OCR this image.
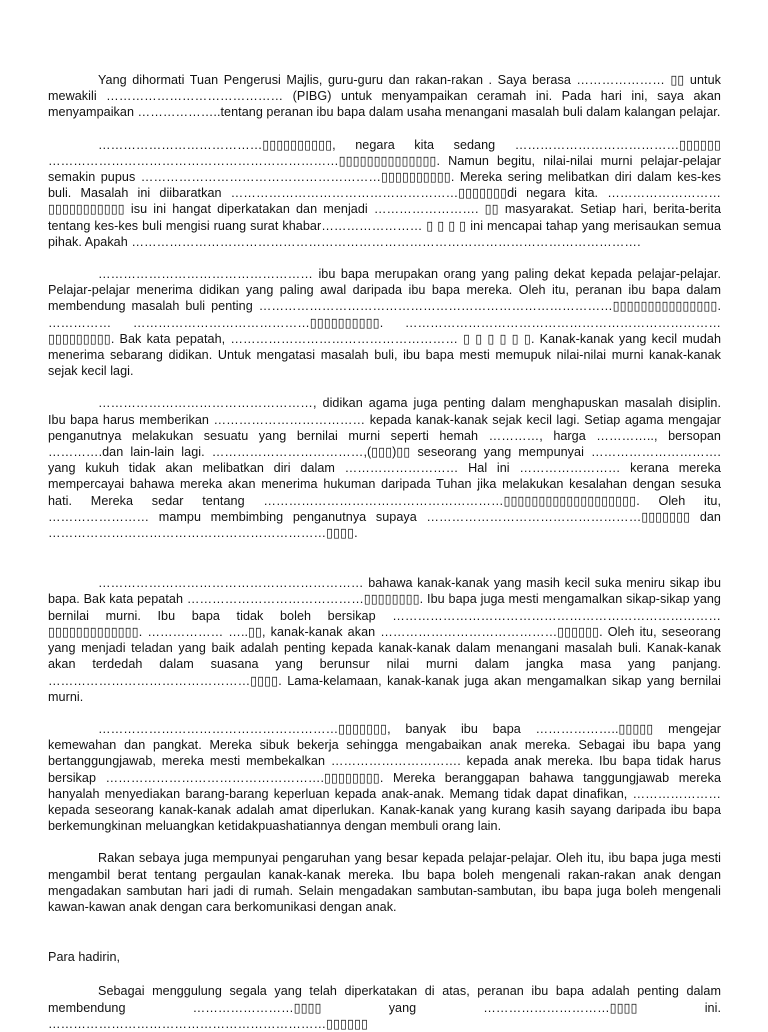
Yang dihormati Tuan Pengerusi Majlis, guru-guru dan rakan-rakan . Saya berasa ………………… ▯▯ untuk mewakili …………………………………… (PIBG) untuk menyampaikan ceramah ini. Pada hari ini, saya akan menyampaikan ………………..tentang peranan ibu bapa dalam usaha menangani masalah buli dalam kalangan pelajar.

…………………………………▯▯▯▯▯▯▯▯▯▯, negara kita sedang …………………………………▯▯▯▯▯▯ ……………………………………………………………▯▯▯▯▯▯▯▯▯▯▯▯▯▯. Namun begitu, nilai-nilai murni pelajar-pelajar semakin pupus …………………………………………………▯▯▯▯▯▯▯▯▯▯. Mereka sering melibatkan diri dalam kes-kes buli. Masalah ini diibaratkan ………………………………………………▯▯▯▯▯▯▯di negara kita. ………………………▯▯▯▯▯▯▯▯▯▯▯ isu ini hangat diperkatakan dan menjadi ……………………. ▯▯ masyarakat. Setiap hari, berita-berita tentang kes-kes buli mengisi ruang surat khabar…………………… ▯ ▯ ▯ ▯ ini mencapai tahap yang merisaukan semua pihak. Apakah ………………………………………………………………………………………………………….

…………………………………………… ibu bapa merupakan orang yang paling dekat kepada pelajar-pelajar. Pelajar-pelajar menerima didikan yang paling awal daripada ibu bapa mereka. Oleh itu, peranan ibu bapa dalam membendung masalah buli penting …………………………………………………………………………▯▯▯▯▯▯▯▯▯▯▯▯▯▯▯. …………… ……………………………………▯▯▯▯▯▯▯▯▯▯. …………………………………………………………………▯▯▯▯▯▯▯▯▯. Bak kata pepatah, ……………………………………………… ▯ ▯ ▯ ▯ ▯ ▯. Kanak-kanak yang kecil mudah menerima sebarang didikan. Untuk mengatasi masalah buli, ibu bapa mesti memupuk nilai-nilai murni kanak-kanak sejak kecil lagi.

……………………………………………, didikan agama juga penting dalam menghapuskan masalah disiplin. Ibu bapa harus memberikan ……………………………… kepada kanak-kanak sejak kecil lagi. Setiap agama mengajar penganutnya melakukan sesuatu yang bernilai murni seperti hemah …………, harga ………….., bersopan ………….dan lain-lain lagi. ………………………………,(▯▯▯)▯▯ seseorang yang mempunyai …………………………. yang kukuh tidak akan melibatkan diri dalam ……………………… Hal ini …………………… kerana mereka mempercayai bahawa mereka akan menerima hukuman daripada Tuhan jika melakukan kesalahan dengan sesuka hati. Mereka sedar tentang …………………………………………………▯▯▯▯▯▯▯▯▯▯▯▯▯▯▯▯▯▯▯. Oleh itu, …………………… mampu membimbing penganutnya supaya ……………………………………………▯▯▯▯▯▯▯ dan …………………………………………………………▯▯▯▯.

……………………………………………………… bahawa kanak-kanak yang masih kecil suka meniru sikap ibu bapa. Bak kata pepatah ……………………………………▯▯▯▯▯▯▯▯. Ibu bapa juga mesti mengamalkan sikap-sikap yang bernilai murni. Ibu bapa tidak boleh bersikap ……………………………………………………………………▯▯▯▯▯▯▯▯▯▯▯▯▯. ……………… …..▯▯, kanak-kanak akan ……………………………………▯▯▯▯▯▯. Oleh itu, seseorang yang menjadi teladan yang baik adalah penting kepada kanak-kanak dalam menangani masalah buli. Kanak-kanak akan terdedah dalam suasana yang berunsur nilai murni dalam jangka masa yang panjang. …………………………………………▯▯▯▯. Lama-kelamaan, kanak-kanak juga akan mengamalkan sikap yang bernilai murni.

…………………………………………………▯▯▯▯▯▯▯, banyak ibu bapa ………………..▯▯▯▯▯ mengejar kemewahan dan pangkat. Mereka sibuk bekerja sehingga mengabaikan anak mereka. Sebagai ibu bapa yang bertanggungjawab, mereka mesti membekalkan …………………………. kepada anak mereka. Ibu bapa tidak harus bersikap …………………………………………….▯▯▯▯▯▯▯▯. Mereka beranggapan bahawa tanggungjawab mereka hanyalah menyediakan barang-barang keperluan kepada anak-anak. Memang tidak dapat dinafikan, ………………… kepada seseorang kanak-kanak adalah amat diperlukan. Kanak-kanak yang kurang kasih sayang daripada ibu bapa berkemungkinan meluangkan ketidakpuashatiannya dengan membuli orang lain.

Rakan sebaya juga mempunyai pengaruhan yang besar kepada pelajar-pelajar. Oleh itu, ibu bapa juga mesti mengambil berat tentang pergaulan kanak-kanak mereka. Ibu bapa boleh mengenali rakan-rakan anak dengan mengadakan sambutan hari jadi di rumah. Selain mengadakan sambutan-sambutan, ibu bapa juga boleh mengenali kawan-kawan anak dengan cara berkomunikasi dengan anak.

Para hadirin,

Sebagai menggulung segala yang telah diperkatakan di atas, peranan ibu bapa adalah penting dalam membendung ……………………▯▯▯▯ yang …………………………▯▯▯▯ ini. …………………………………………………………▯▯▯▯▯▯
